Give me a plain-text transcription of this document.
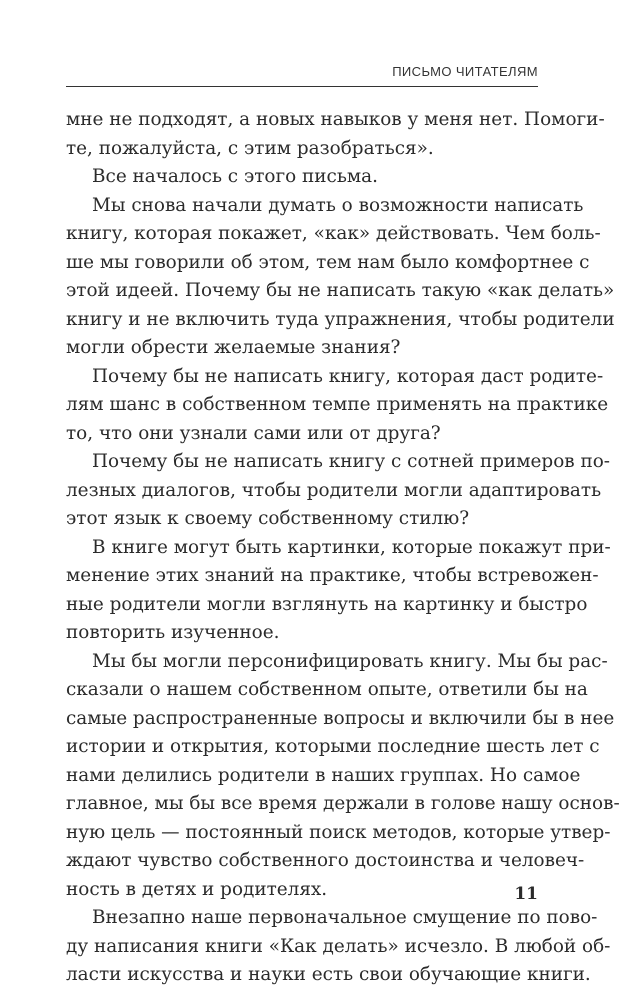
ПИСЬМО ЧИТАТЕЛЯМ
мне не подходят, а новых навыков у меня нет. Помоги-
те, пожалуйста, с этим разобраться».
Все началось с этого письма.
Мы снова начали думать о возможности написать
книгу, которая покажет, «как» действовать. Чем боль-
ше мы говорили об этом, тем нам было комфортнее с
этой идеей. Почему бы не написать такую «как делать»
книгу и не включить туда упражнения, чтобы родители
могли обрести желаемые знания?
Почему бы не написать книгу, которая даст родите-
лям шанс в собственном темпе применять на практике
то, что они узнали сами или от друга?
Почему бы не написать книгу с сотней примеров по-
лезных диалогов, чтобы родители могли адаптировать
этот язык к своему собственному стилю?
В книге могут быть картинки, которые покажут при-
менение этих знаний на практике, чтобы встревожен-
ные родители могли взглянуть на картинку и быстро
повторить изученное.
Мы бы могли персонифицировать книгу. Мы бы рас-
сказали о нашем собственном опыте, ответили бы на
самые распространенные вопросы и включили бы в нее
истории и открытия, которыми последние шесть лет с
нами делились родители в наших группах. Но самое
главное, мы бы все время держали в голове нашу основ-
ную цель — постоянный поиск методов, которые утвер-
ждают чувство собственного достоинства и человеч-
ность в детях и родителях.
Внезапно наше первоначальное смущение по пово-
ду написания книги «Как делать» исчезло. В любой об-
ласти искусства и науки есть свои обучающие книги.
11
